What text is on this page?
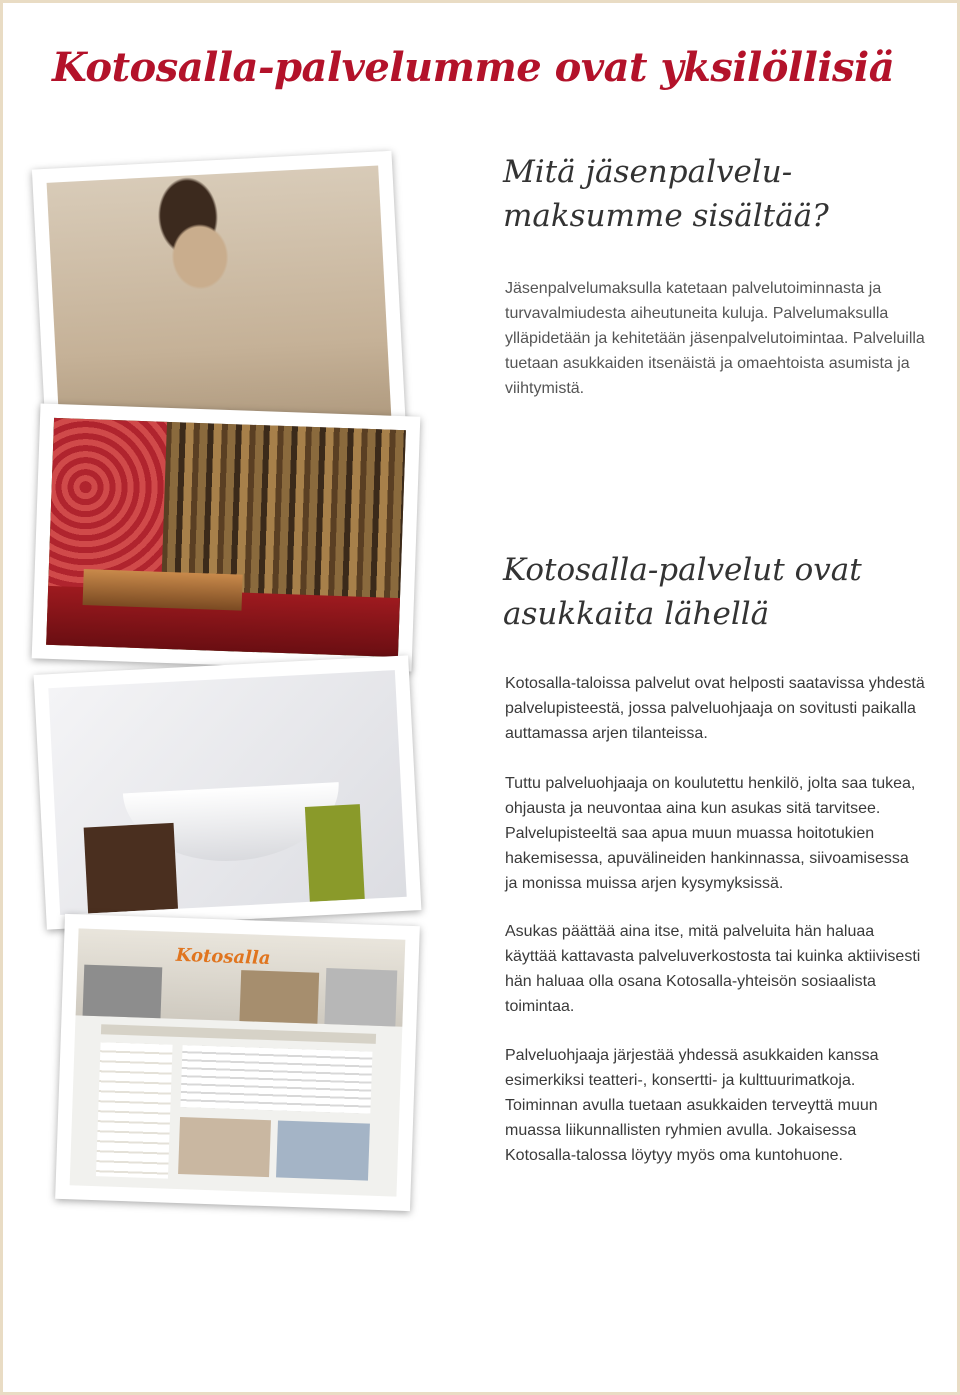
Kotosalla-palvelumme ovat yksilöllisiä
Kotosalla
Mitä jäsenpalvelu-
maksumme sisältää?

Jäsenpalvelumaksulla katetaan palvelutoiminnasta ja turvavalmiudesta aiheutuneita kuluja. Palvelumaksulla ylläpidetään ja kehitetään jäsenpalvelutoimintaa. Palveluilla tuetaan asukkaiden itsenäistä ja omaehtoista asumista ja viihtymistä.

Kotosalla-palvelut ovat
asukkaita lähellä

Kotosalla-taloissa palvelut ovat helposti saatavissa yhdestä palvelupisteestä, jossa palveluohjaaja on sovitusti paikalla auttamassa arjen tilanteissa.

Tuttu palveluohjaaja on koulutettu henkilö, jolta saa tukea, ohjausta ja neuvontaa aina kun asukas sitä tarvitsee. Palvelupisteeltä saa apua muun muassa hoitotukien hakemisessa, apuvälineiden hankinnassa, siivoamisessa ja monissa muissa arjen kysymyksissä.

Asukas päättää aina itse, mitä palveluita hän haluaa käyttää kattavasta palveluverkostosta tai kuinka aktiivisesti hän haluaa olla osana Kotosalla-yhteisön sosiaalista toimintaa.

Palveluohjaaja järjestää yhdessä asukkaiden kanssa esimerkiksi teatteri-, konsertti- ja kulttuurimatkoja. Toiminnan avulla tuetaan asukkaiden terveyttä muun muassa liikunnallisten ryhmien avulla. Jokaisessa Kotosalla-talossa löytyy myös oma kuntohuone.
